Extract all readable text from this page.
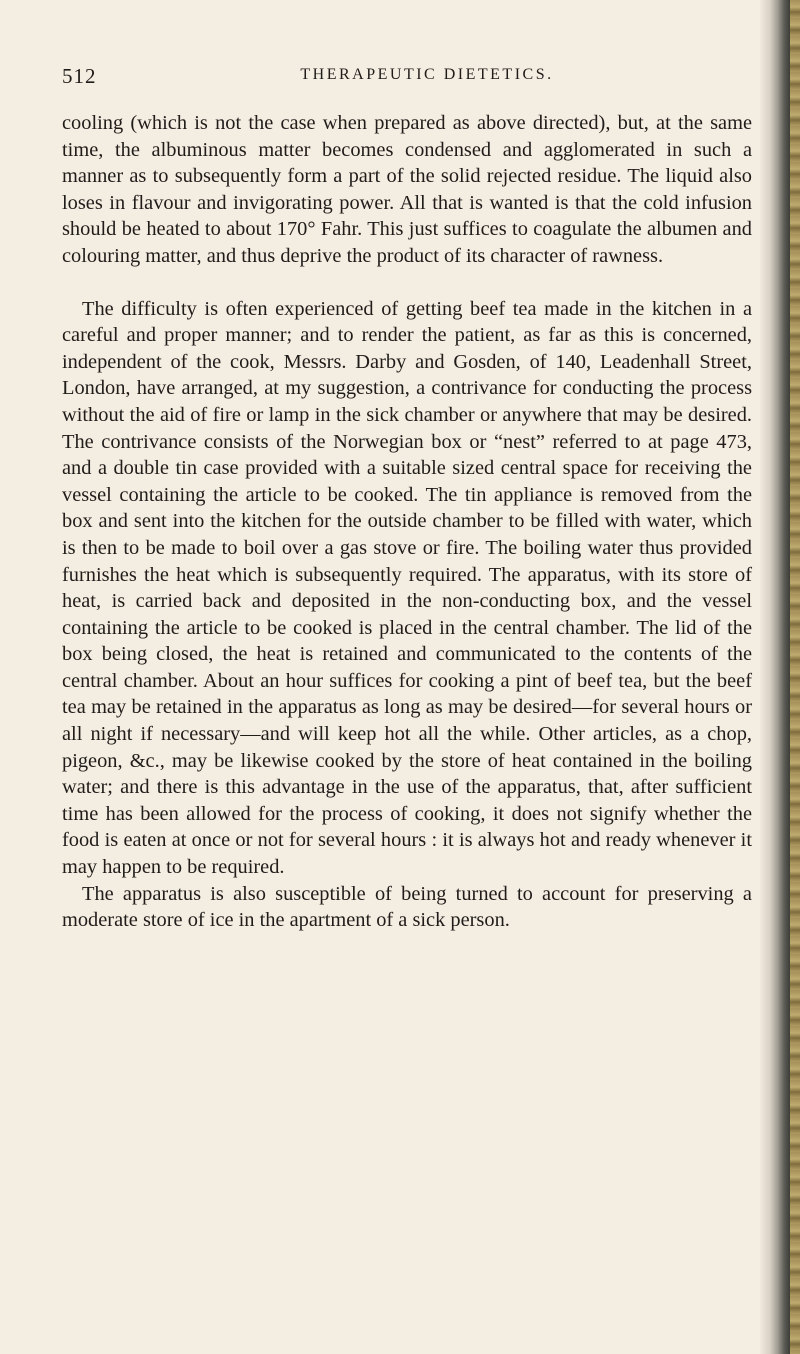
512	THERAPEUTIC DIETETICS.

cooling (which is not the case when prepared as above directed), but, at the same time, the albuminous matter becomes condensed and agglomerated in such a manner as to subsequently form a part of the solid rejected residue. The liquid also loses in flavour and invigorating power. All that is wanted is that the cold infusion should be heated to about 170° Fahr. This just suffices to coagulate the albumen and colouring matter, and thus deprive the product of its character of rawness.

The difficulty is often experienced of getting beef tea made in the kitchen in a careful and proper manner; and to render the patient, as far as this is concerned, independent of the cook, Messrs. Darby and Gosden, of 140, Leadenhall Street, London, have arranged, at my suggestion, a contrivance for conducting the process without the aid of fire or lamp in the sick chamber or anywhere that may be desired. The contrivance consists of the Norwegian box or “nest” referred to at page 473, and a double tin case provided with a suitable sized central space for receiving the vessel containing the article to be cooked. The tin appliance is removed from the box and sent into the kitchen for the outside chamber to be filled with water, which is then to be made to boil over a gas stove or fire. The boiling water thus provided furnishes the heat which is subsequently required. The apparatus, with its store of heat, is carried back and deposited in the non-conducting box, and the vessel containing the article to be cooked is placed in the central chamber. The lid of the box being closed, the heat is retained and communicated to the contents of the central chamber. About an hour suffices for cooking a pint of beef tea, but the beef tea may be retained in the apparatus as long as may be desired—for several hours or all night if necessary—and will keep hot all the while. Other articles, as a chop, pigeon, &c., may be likewise cooked by the store of heat contained in the boiling water; and there is this advantage in the use of the apparatus, that, after sufficient time has been allowed for the process of cooking, it does not signify whether the food is eaten at once or not for several hours : it is always hot and ready whenever it may happen to be required.

The apparatus is also susceptible of being turned to account for preserving a moderate store of ice in the apartment of a sick person.
